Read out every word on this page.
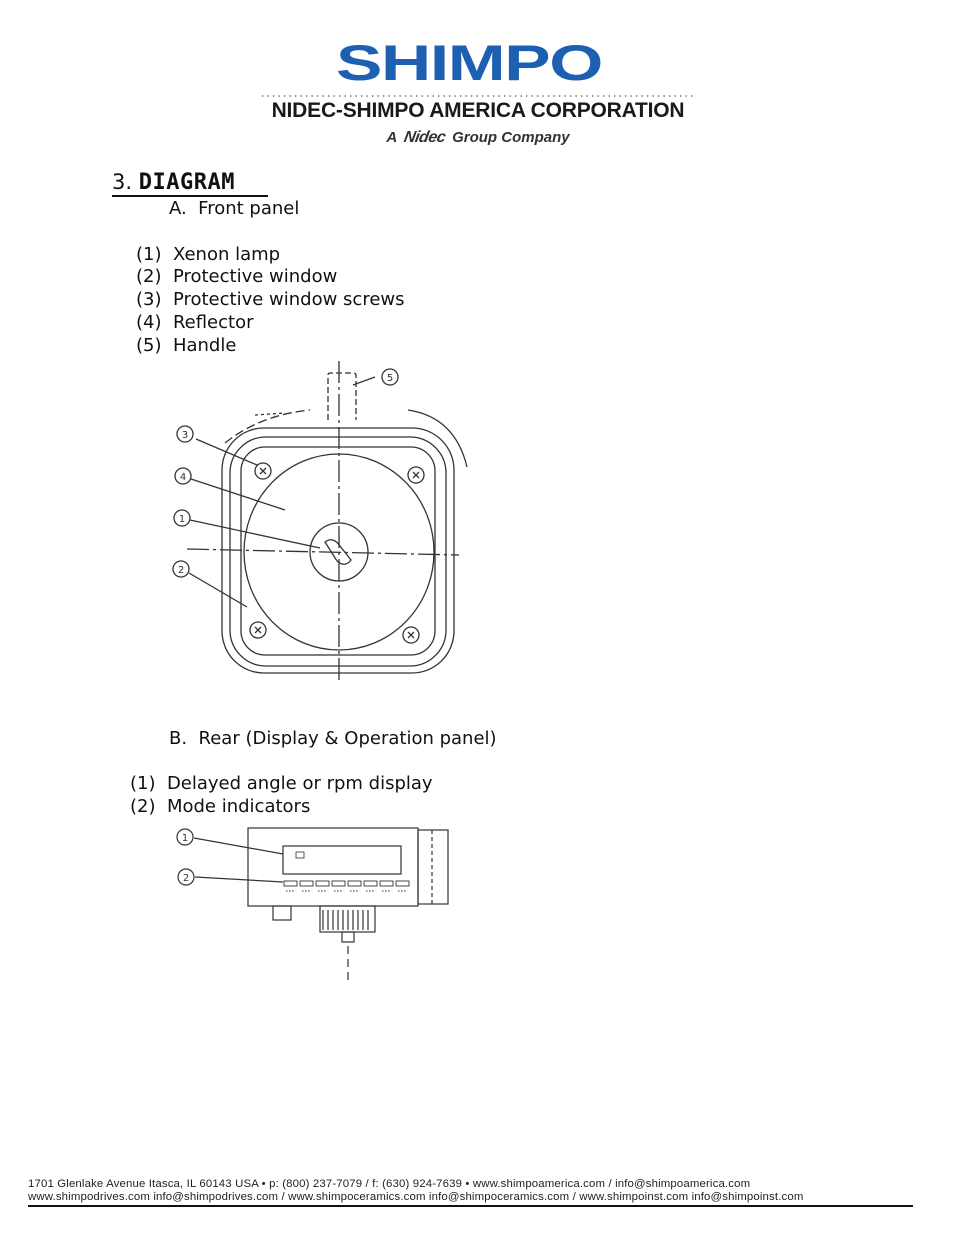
SHIMPO
NIDEC-SHIMPO AMERICA CORPORATION
A Nidec Group Company
3. DIAGRAM
A.  Front panel
(1)  Xenon lamp
(2)  Protective window
(3)  Protective window screws
(4)  Reflector
(5)  Handle
3
4
1
2
5
B.  Rear (Display & Operation panel)
(1)  Delayed angle or rpm display
(2)  Mode indicators
1
2
1701 Glenlake Avenue Itasca, IL 60143 USA • p: (800) 237-7079 / f: (630) 924-7639 • www.shimpoamerica.com / info@shimpoamerica.com
www.shimpodrives.com info@shimpodrives.com / www.shimpoceramics.com info@shimpoceramics.com / www.shimpoinst.com info@shimpoinst.com
